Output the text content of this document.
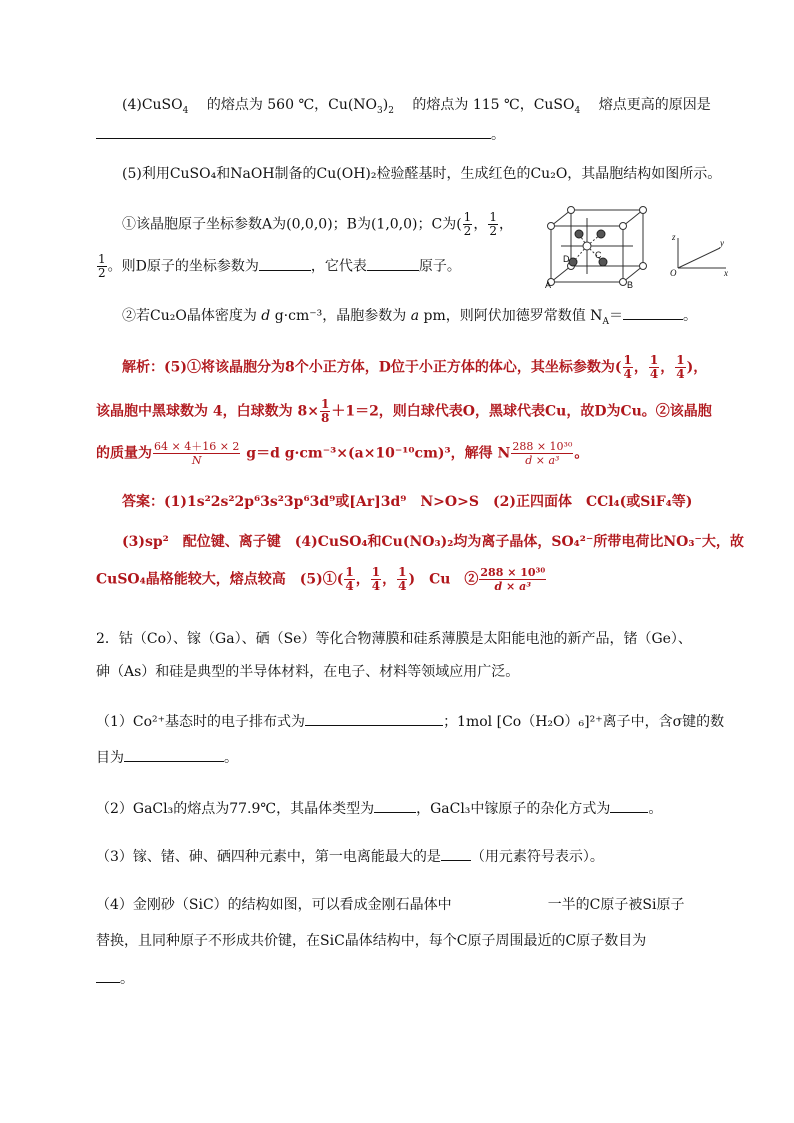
(4)CuSO$_4$ 的熔点为 560 ℃，$Cu(NO_3)_2$ 的熔点为 115 ℃，CuSO$_4$ 熔点更高的原因是
。
(5)利用CuSO₄和NaOH制备的Cu(OH)₂检验醛基时，生成红色的Cu₂O，其晶胞结构如图所示。
①该晶胞原子坐标参数A为(0,0,0)；B为(1,0,0)；C为( $\frac{1}{2}$ ， $\frac{1}{2}$ ，
$\frac{1}{2}$ 。则D原子的坐标参数为	，它代表	原子。
②若Cu₂O晶体密度为 d g·cm⁻³，晶胞参数为 a pm，则阿伏加德罗常数值 $N_A=$	。
A	B
C
D
z
y
x
O
解析：(5)①将该晶胞分为8个小正方体，D位于小正方体的体心，其坐标参数为( $\frac{1}{4}$ ， $\frac{1}{4}$ ， $\frac{1}{4}$ )，
该晶胞中黑球数为 4，白球数为 $8\times \frac{1}{8} +1=2$，则白球代表O，黑球代表Cu，故D为Cu。②该晶胞
的质量为 $\frac{64 \times 4+16 \times 2}{N} g=d$ g·cm⁻³×(a×10⁻¹⁰cm)³，解得 N $\frac{\text{288 × 10³⁰}}{\text{d × a³}}$ 。
答案：(1)1s²2s²2p⁶3s²3p⁶3d⁹或[Ar]3d⁹　N>O>S　(2)正四面体　CCl₄(或SiF₄等)
(3)sp²　配位键、离子键　(4)CuSO₄和Cu(NO₃)₂均为离子晶体，SO₄²⁻所带电荷比NO₃⁻大，故
CuSO₄晶格能较大，熔点较高　(5)①( $\frac{1}{4}$ ， $\frac{1}{4}$ ， $\frac{1}{4}$ )　Cu　② $\frac{\text{288 × 10³⁰}}{\text{d × a³}}$
2．钴（Co）、镓（Ga）、硒（Se）等化合物薄膜和硅系薄膜是太阳能电池的新产品，锗（Ge）、
砷（As）和硅是典型的半导体材料，在电子、材料等领域应用广泛。
（1）Co²⁺基态时的电子排布式为	；1mol [Co（H₂O）₆]²⁺离子中，含σ键的数
目为	。
（2）GaCl₃的熔点为77.9℃，其晶体类型为	，GaCl₃中镓原子的杂化方式为	。
（3）镓、锗、砷、硒四种元素中，第一电离能最大的是 （用元素符号表示）。
（4）金刚砂（SiC）的结构如图，可以看成金刚石晶体中	一半的C原子被Si原子
替换，且同种原子不形成共价键，在SiC晶体结构中，每个C原子周围最近的C原子数目为
。
